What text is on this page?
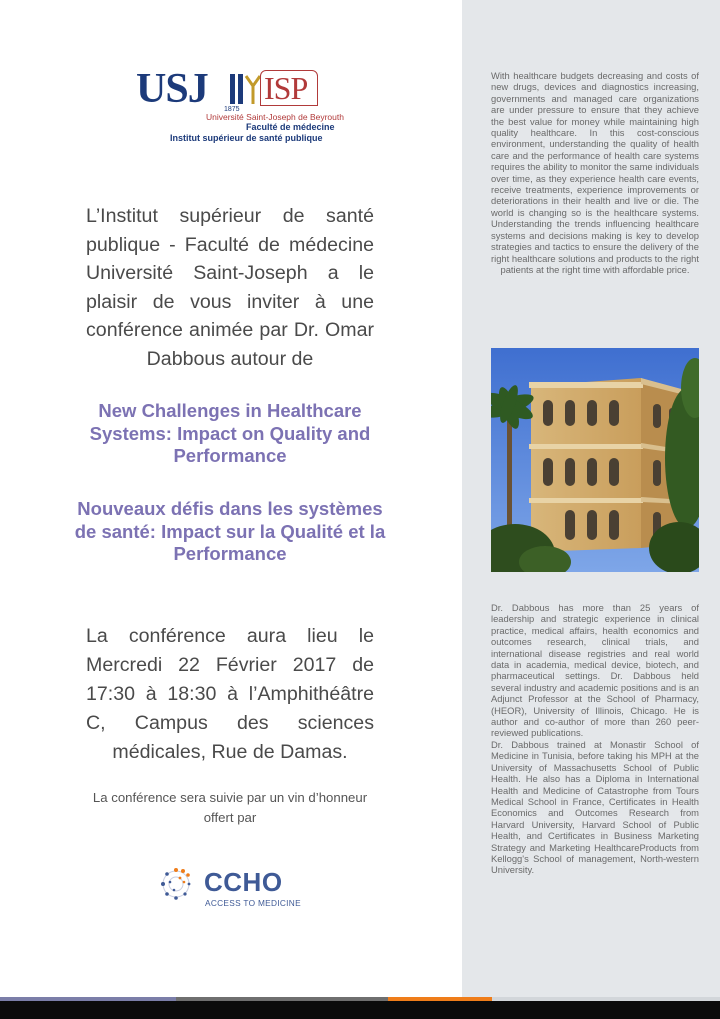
USJ 1875
ISP
Université Saint-Joseph de Beyrouth
Faculté de médecine
Institut supérieur de santé publique
L’Institut supérieur de santé publique - Faculté de médecine Université Saint-Joseph a le plaisir de vous inviter à une conférence animée par Dr. Omar Dabbous autour de
New Challenges in Healthcare Systems: Impact on Quality and Performance
Nouveaux défis dans les systèmes de santé: Impact sur la Qualité et la Performance
La conférence aura lieu le Mercredi 22 Février 2017 de 17:30 à 18:30 à l’Amphithéâtre C, Campus des sciences médicales, Rue de Damas.
La conférence sera suivie par un vin d’honneur offert par
CCHO
ACCESS TO MEDICINE
With healthcare budgets decreasing and costs of new drugs, devices and diagnostics increasing, governments and managed care organizations are under pressure to ensure that they achieve the best value for money while maintaining high quality healthcare. In this cost-conscious environment, understanding the quality of health care and the performance of health care systems requires the ability to monitor the same individuals over time, as they experience health care events, receive treatments, experience improvements or deteriorations in their health and live or die. The world is changing so is the healthcare systems. Understanding the trends influencing healthcare systems and decisions making is key to develop strategies and tactics to ensure the delivery of the right healthcare solutions and products to the right patients at the right time with affordable price.

Dr. Dabbous has more than 25 years of leadership and strategic experience in clinical practice, medical affairs, health economics and outcomes research, clinical trials, and international disease registries and real world data in academia, medical device, biotech, and pharmaceutical settings. Dr. Dabbous held several industry and academic positions and is an Adjunct Professor at the School of Pharmacy, (HEOR), University of Illinois, Chicago. He is author and co-author of more than 260 peer-reviewed publications.

Dr. Dabbous trained at Monastir School of Medicine in Tunisia, before taking his MPH at the University of Massachusetts School of Public Health. He also has a Diploma in International Health and Medicine of Catastrophe from Tours Medical School in France, Certificates in Health Economics and Outcomes Research from Harvard University, Harvard School of Public Health, and Certificates in Business Marketing Strategy and Marketing HealthcareProducts from Kellogg's School of management, North-western University.
